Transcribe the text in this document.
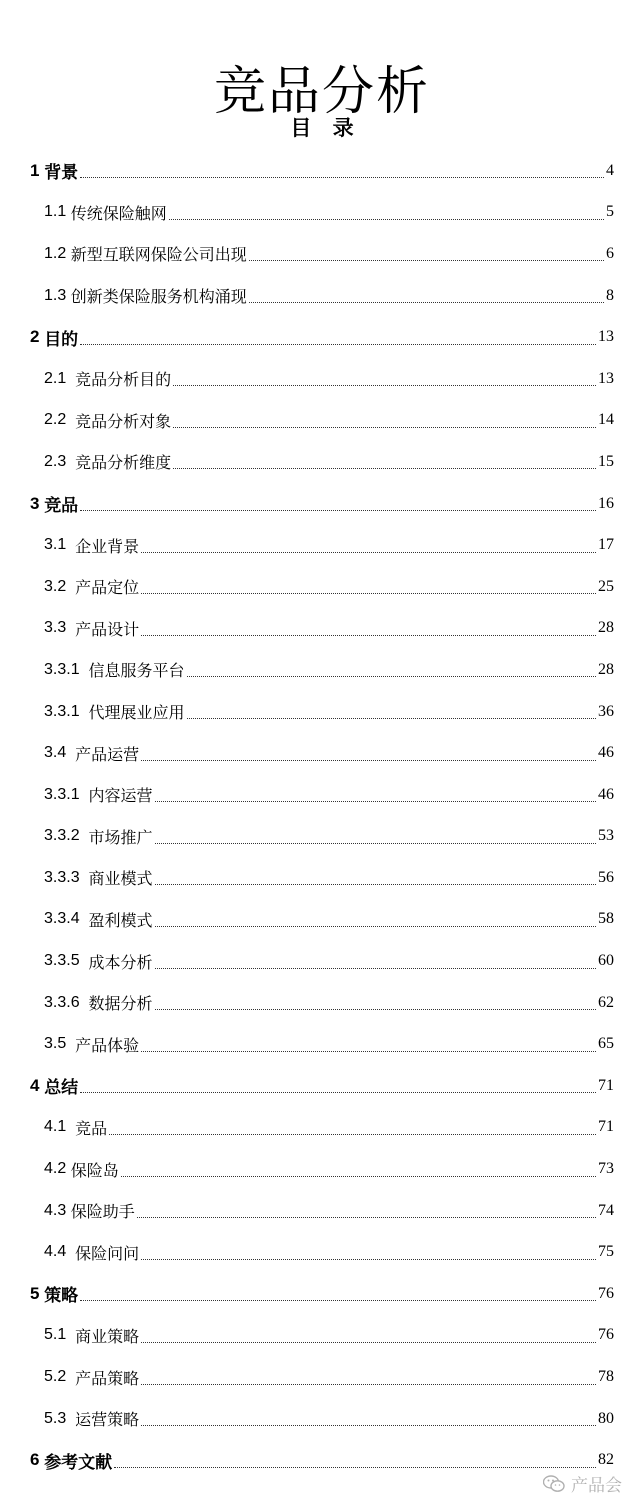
竞品分析
目 录
1 背景	4
1.1 传统保险触网	5
1.2 新型互联网保险公司出现	6
1.3 创新类保险服务机构涌现	8
2 目的	13
2.1 竞品分析目的	13
2.2 竞品分析对象	14
2.3 竞品分析维度	15
3 竞品	16
3.1 企业背景	17
3.2 产品定位	25
3.3 产品设计	28
3.3.1 信息服务平台	28
3.3.1 代理展业应用	36
3.4 产品运营	46
3.3.1 内容运营	46
3.3.2 市场推广	53
3.3.3 商业模式	56
3.3.4 盈利模式	58
3.3.5 成本分析	60
3.3.6 数据分析	62
3.5 产品体验	65
4 总结	71
4.1 竞品	71
4.2 保险岛	73
4.3 保险助手	74
4.4 保险问问	75
5 策略	76
5.1 商业策略	76
5.2 产品策略	78
5.3 运营策略	80
6 参考文献	82
产品会
